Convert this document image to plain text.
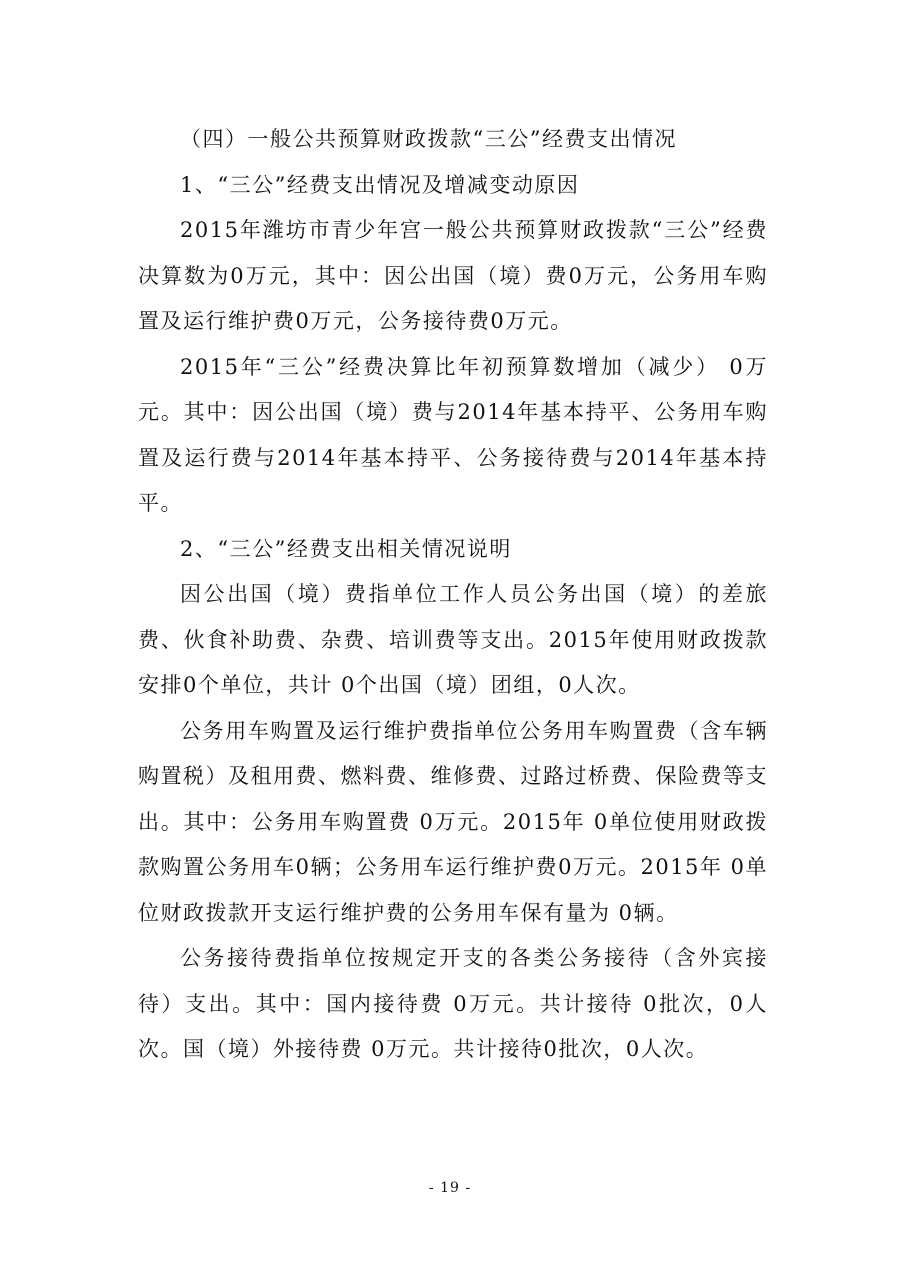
（四）一般公共预算财政拨款“三公”经费支出情况

1、“三公”经费支出情况及增减变动原因

2015年潍坊市青少年宫一般公共预算财政拨款“三公”经费决算数为0万元，其中：因公出国（境）费0万元，公务用车购置及运行维护费0万元，公务接待费0万元。

2015年“三公”经费决算比年初预算数增加（减少） 0万元。其中：因公出国（境）费与2014年基本持平、公务用车购置及运行费与2014年基本持平、公务接待费与2014年基本持平。

2、“三公”经费支出相关情况说明

因公出国（境）费指单位工作人员公务出国（境）的差旅费、伙食补助费、杂费、培训费等支出。2015年使用财政拨款安排0个单位，共计 0个出国（境）团组，0人次。

公务用车购置及运行维护费指单位公务用车购置费（含车辆购置税）及租用费、燃料费、维修费、过路过桥费、保险费等支出。其中：公务用车购置费 0万元。2015年 0单位使用财政拨款购置公务用车0辆；公务用车运行维护费0万元。2015年 0单位财政拨款开支运行维护费的公务用车保有量为 0辆。

公务接待费指单位按规定开支的各类公务接待（含外宾接待）支出。其中：国内接待费 0万元。共计接待 0批次，0人次。国（境）外接待费 0万元。共计接待0批次，0人次。

- 19 -
